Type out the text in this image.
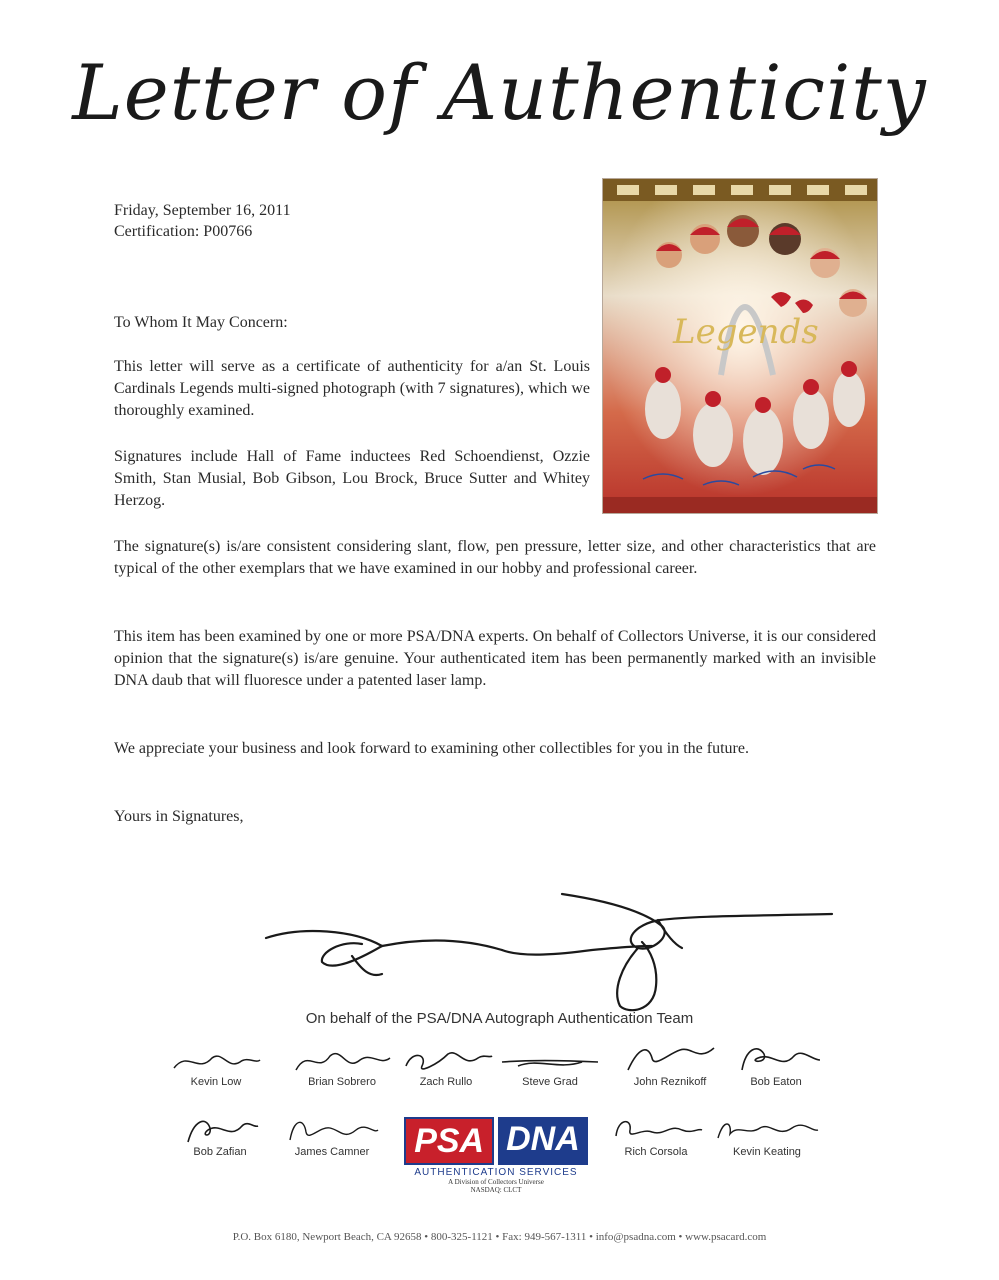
Letter of Authenticity
Friday, September 16, 2011
Certification: P00766
Legends
To Whom It May Concern:
This letter will serve as a certificate of authenticity for a/an St. Louis Cardinals Legends multi-signed photograph (with 7 signatures), which we thoroughly examined.
Signatures include Hall of Fame inductees Red Schoendienst, Ozzie Smith, Stan Musial, Bob Gibson, Lou Brock, Bruce Sutter and Whitey Herzog.
The signature(s) is/are consistent considering slant, flow, pen pressure, letter size, and other characteristics that are typical of the other exemplars that we have examined in our hobby and professional career.
This item has been examined by one or more PSA/DNA experts. On behalf of Collectors Universe, it is our considered opinion that the signature(s) is/are genuine. Your authenticated item has been permanently marked with an invisible DNA daub that will fluoresce under a patented laser lamp.
We appreciate your business and look forward to examining other collectibles for you in the future.
Yours in Signatures,
On behalf of the PSA/DNA Autograph Authentication Team
Kevin Low	Brian Sobrero	Zach Rullo	Steve Grad	John Reznikoff	Bob Eaton
Bob Zafian	James Camner	Rich Corsola	Kevin Keating
PSA DNA
AUTHENTICATION SERVICES
A Division of Collectors Universe
NASDAQ: CLCT
P.O. Box 6180, Newport Beach, CA 92658 • 800-325-1121 • Fax: 949-567-1311 • info@psadna.com • www.psacard.com
